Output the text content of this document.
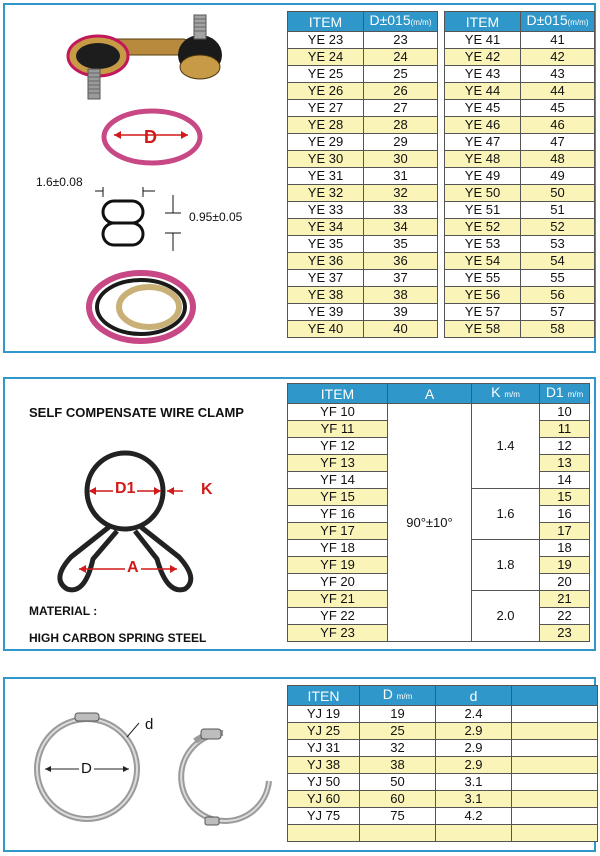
D
1.6±0.08
0.95±0.05
ITEM	D±015(m/m)
YE 23	23
YE 24	24
YE 25	25
YE 26	26
YE 27	27
YE 28	28
YE 29	29
YE 30	30
YE 31	31
YE 32	32
YE 33	33
YE 34	34
YE 35	35
YE 36	36
YE 37	37
YE 38	38
YE 39	39
YE 40	40
ITEM	D±015(m/m)
YE 41	41
YE 42	42
YE 43	43
YE 44	44
YE 45	45
YE 46	46
YE 47	47
YE 48	48
YE 49	49
YE 50	50
YE 51	51
YE 52	52
YE 53	53
YE 54	54
YE 55	55
YE 56	56
YE 57	57
YE 58	58
SELF COMPENSATE WIRE CLAMP
D1	K
A
MATERIAL :
HIGH CARBON SPRING STEEL
ITEM	A	K m/m	D1 m/m
YF 10	90°±10°	1.4	10
YF 11			11
YF 12			12
YF 13			13
YF 14			14
YF 15		1.6	15
YF 16			16
YF 17			17
YF 18		1.8	18
YF 19			19
YF 20			20
YF 21		2.0	21
YF 22			22
YF 23			23
D
d
ITEN	D m/m	d	
YJ 19	19	2.4	
YJ 25	25	2.9	
YJ 31	32	2.9	
YJ 38	38	2.9	
YJ 50	50	3.1	
YJ 60	60	3.1	
YJ 75	75	4.2	
